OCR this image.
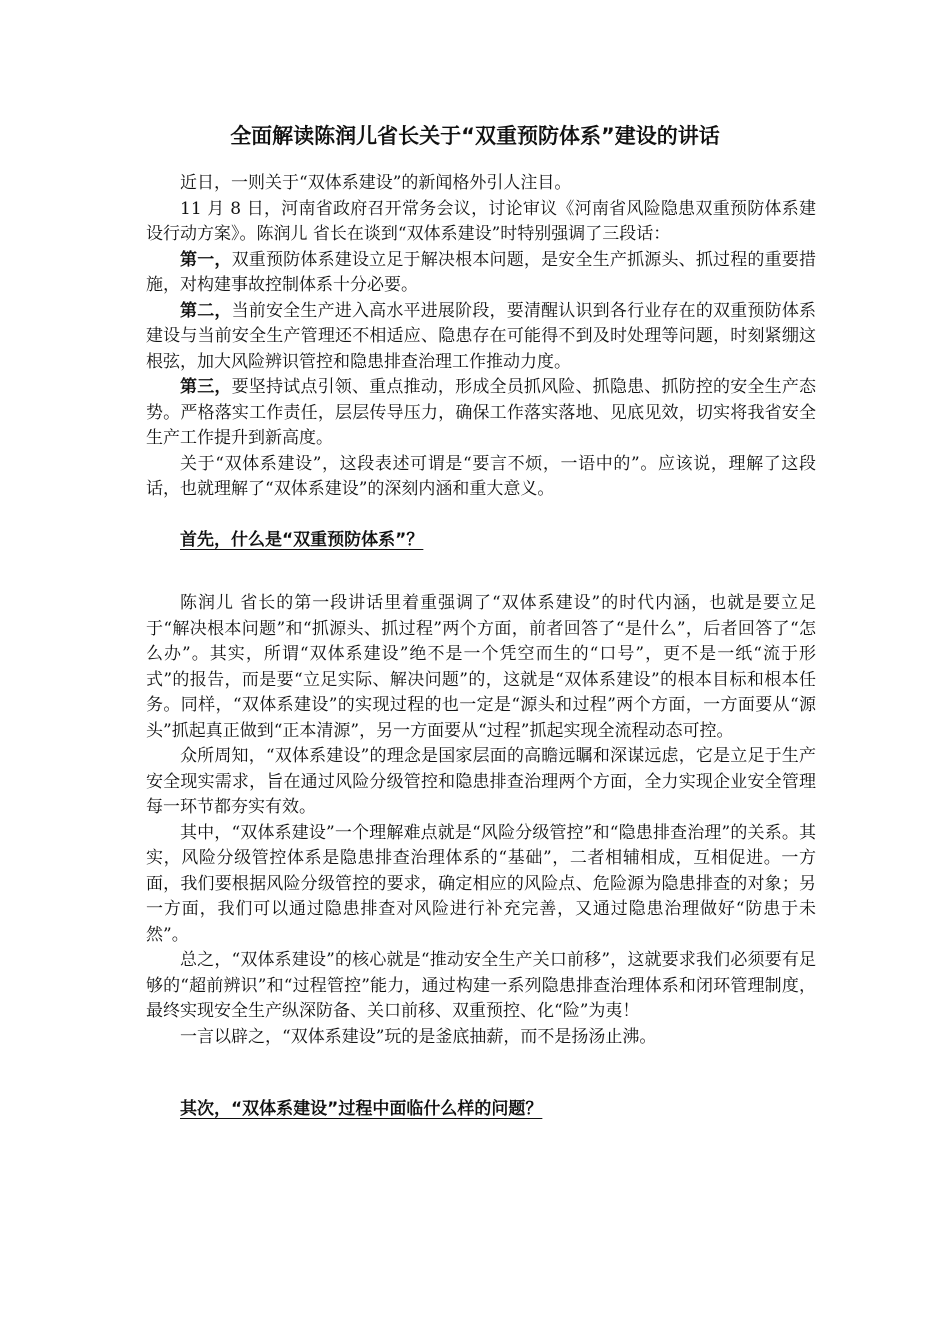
全面解读陈润儿省长关于“双重预防体系”建设的讲话

近日，一则关于“双体系建设”的新闻格外引人注目。

11 月 8 日，河南省政府召开常务会议，讨论审议《河南省风险隐患双重预防体系建设行动方案》。陈润儿 省长在谈到“双体系建设”时特别强调了三段话：

第一，双重预防体系建设立足于解决根本问题，是安全生产抓源头、抓过程的重要措施，对构建事故控制体系十分必要。

第二，当前安全生产进入高水平进展阶段，要清醒认识到各行业存在的双重预防体系建设与当前安全生产管理还不相适应、隐患存在可能得不到及时处理等问题，时刻紧绷这根弦，加大风险辨识管控和隐患排查治理工作推动力度。

第三，要坚持试点引领、重点推动，形成全员抓风险、抓隐患、抓防控的安全生产态势。严格落实工作责任，层层传导压力，确保工作落实落地、见底见效，切实将我省安全生产工作提升到新高度。

关于“双体系建设”，这段表述可谓是“要言不烦，一语中的”。应该说，理解了这段话，也就理解了“双体系建设”的深刻内涵和重大意义。

首先，什么是“双重预防体系”？

陈润儿 省长的第一段讲话里着重强调了“双体系建设”的时代内涵，也就是要立足于“解决根本问题”和“抓源头、抓过程”两个方面，前者回答了“是什么”，后者回答了“怎么办”。其实，所谓“双体系建设”绝不是一个凭空而生的“口号”，更不是一纸“流于形式”的报告，而是要“立足实际、解决问题”的，这就是“双体系建设”的根本目标和根本任务。同样，“双体系建设”的实现过程的也一定是“源头和过程”两个方面，一方面要从“源头”抓起真正做到“正本清源”，另一方面要从“过程”抓起实现全流程动态可控。

众所周知，“双体系建设”的理念是国家层面的高瞻远瞩和深谋远虑，它是立足于生产安全现实需求，旨在通过风险分级管控和隐患排查治理两个方面，全力实现企业安全管理每一环节都夯实有效。

其中，“双体系建设”一个理解难点就是“风险分级管控”和“隐患排查治理”的关系。其实，风险分级管控体系是隐患排查治理体系的“基础”，二者相辅相成，互相促进。一方面，我们要根据风险分级管控的要求，确定相应的风险点、危险源为隐患排查的对象；另一方面，我们可以通过隐患排查对风险进行补充完善，又通过隐患治理做好“防患于未然”。

总之，“双体系建设”的核心就是“推动安全生产关口前移”，这就要求我们必须要有足够的“超前辨识”和“过程管控”能力，通过构建一系列隐患排查治理体系和闭环管理制度，最终实现安全生产纵深防备、关口前移、双重预控、化“险”为夷！

一言以辟之，“双体系建设”玩的是釜底抽薪，而不是扬汤止沸。

其次，“双体系建设”过程中面临什么样的问题？
